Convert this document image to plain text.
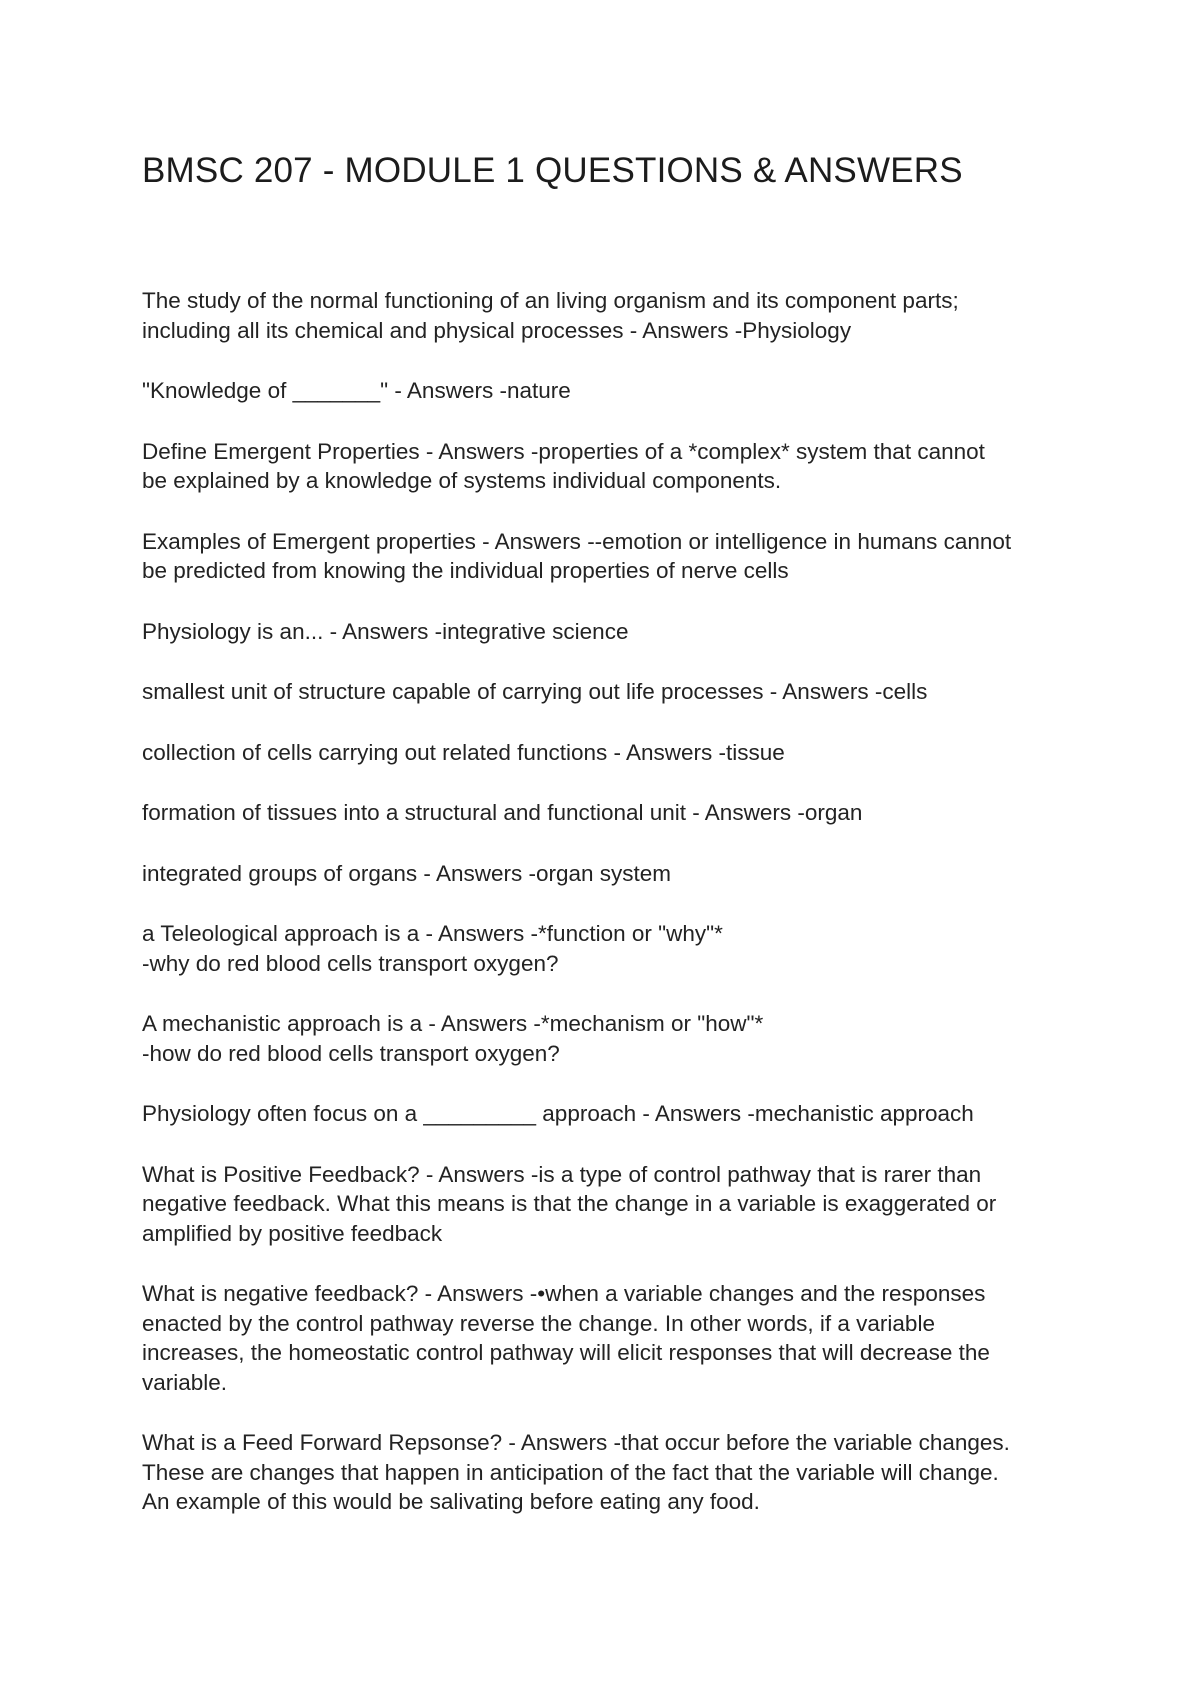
BMSC 207 - MODULE 1 QUESTIONS & ANSWERS

The study of the normal functioning of an living organism and its component parts;
including all its chemical and physical processes - Answers -Physiology

"Knowledge of _______" - Answers -nature

Define Emergent Properties - Answers -properties of a *complex* system that cannot
be explained by a knowledge of systems individual components.

Examples of Emergent properties - Answers --emotion or intelligence in humans cannot
be predicted from knowing the individual properties of nerve cells

Physiology is an... - Answers -integrative science

smallest unit of structure capable of carrying out life processes - Answers -cells

collection of cells carrying out related functions - Answers -tissue

formation of tissues into a structural and functional unit - Answers -organ

integrated groups of organs - Answers -organ system

a Teleological approach is a - Answers -*function or "why"*
-why do red blood cells transport oxygen?

A mechanistic approach is a - Answers -*mechanism or "how"*
-how do red blood cells transport oxygen?

Physiology often focus on a _________ approach - Answers -mechanistic approach

What is Positive Feedback? - Answers -is a type of control pathway that is rarer than
negative feedback. What this means is that the change in a variable is exaggerated or
amplified by positive feedback

What is negative feedback? - Answers -•when a variable changes and the responses
enacted by the control pathway reverse the change. In other words, if a variable
increases, the homeostatic control pathway will elicit responses that will decrease the
variable.

What is a Feed Forward Repsonse? - Answers -that occur before the variable changes.
These are changes that happen in anticipation of the fact that the variable will change.
An example of this would be salivating before eating any food.
